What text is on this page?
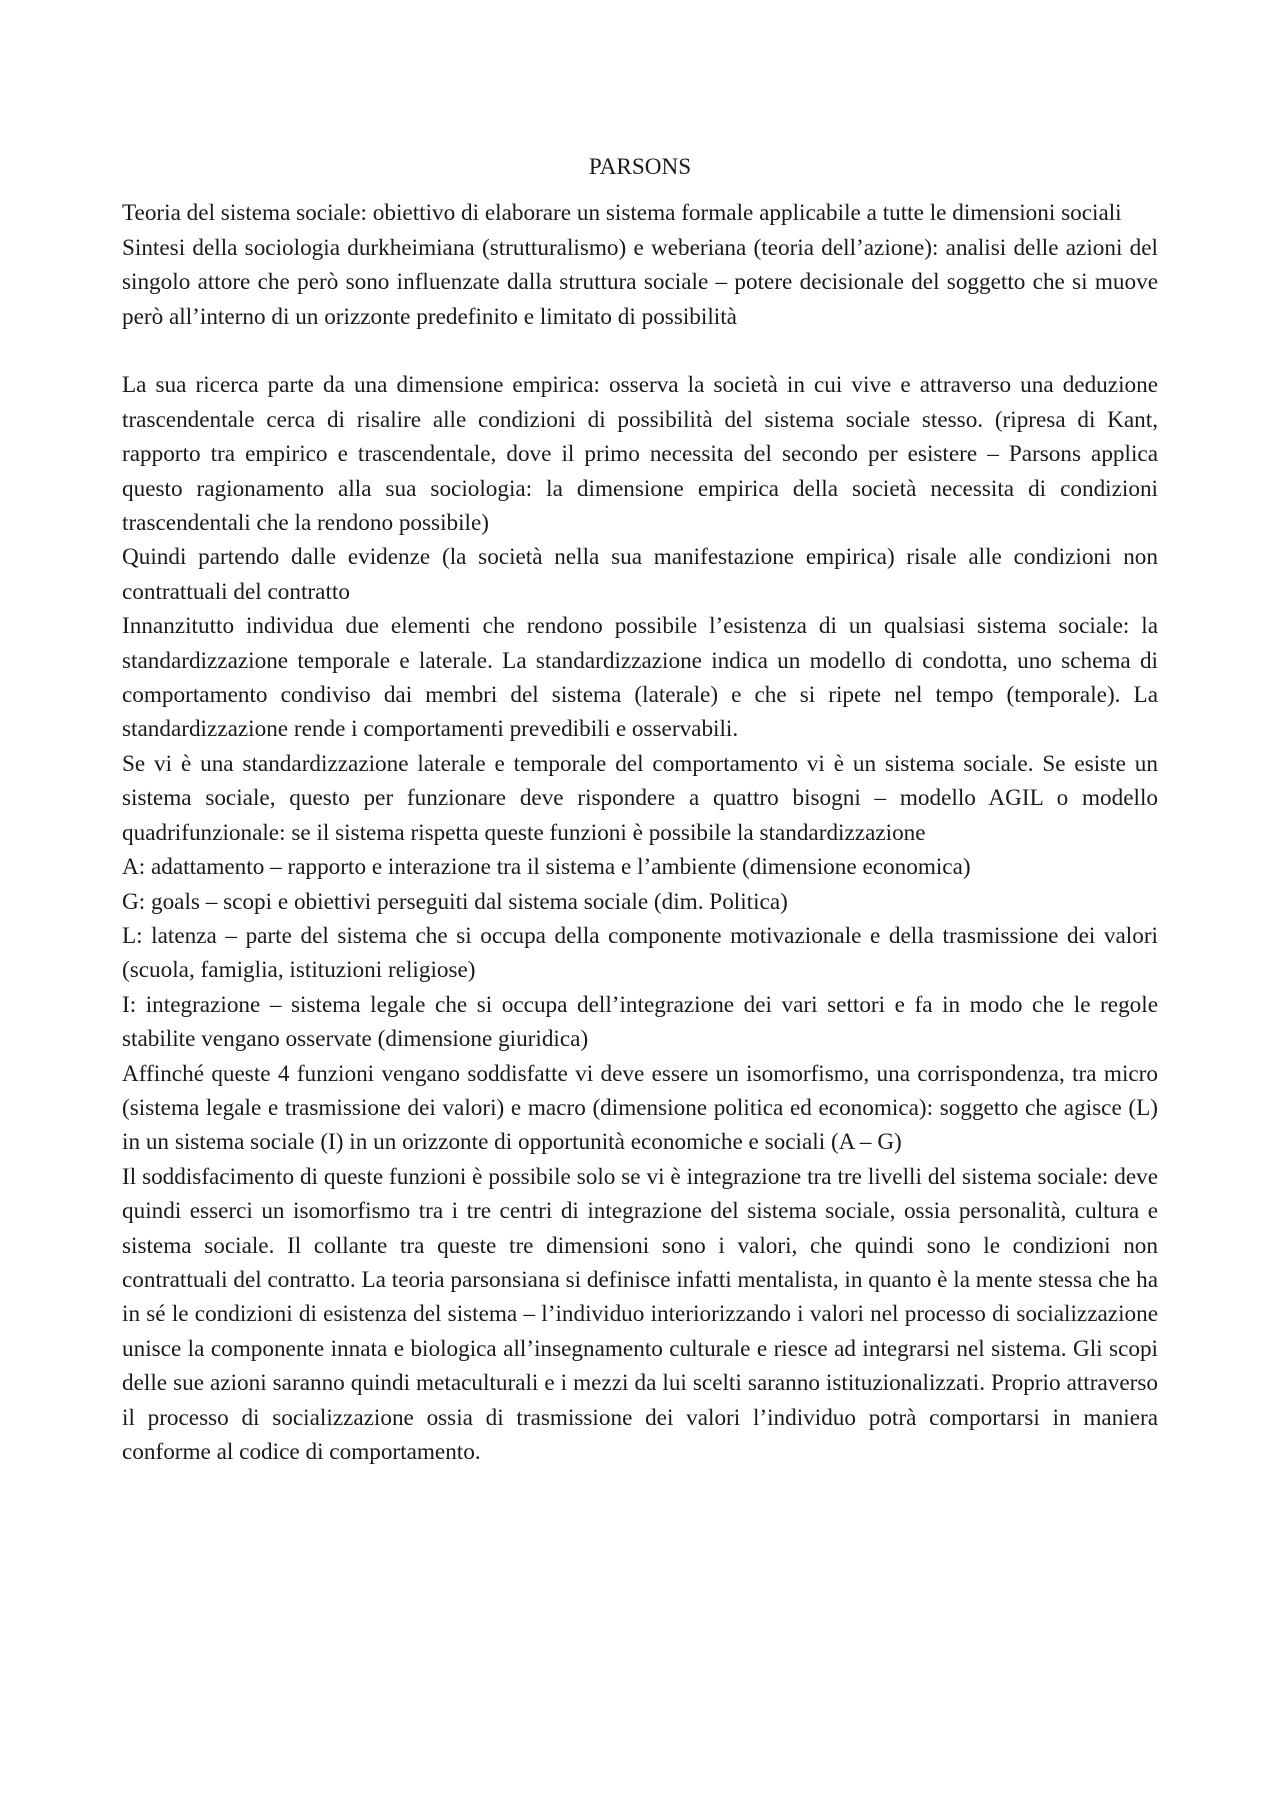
PARSONS

Teoria del sistema sociale: obiettivo di elaborare un sistema formale applicabile a tutte le dimensioni sociali

Sintesi della sociologia durkheimiana (strutturalismo) e weberiana (teoria dell’azione): analisi delle azioni del singolo attore che però sono influenzate dalla struttura sociale – potere decisionale del soggetto che si muove però all’interno di un orizzonte predefinito e limitato di possibilità

La sua ricerca parte da una dimensione empirica: osserva la società in cui vive e attraverso una deduzione trascendentale cerca di risalire alle condizioni di possibilità del sistema sociale stesso. (ripresa di Kant, rapporto tra empirico e trascendentale, dove il primo necessita del secondo per esistere – Parsons applica questo ragionamento alla sua sociologia: la dimensione empirica della società necessita di condizioni trascendentali che la rendono possibile)

Quindi partendo dalle evidenze (la società nella sua manifestazione empirica) risale alle condizioni non contrattuali del contratto

Innanzitutto individua due elementi che rendono possibile l’esistenza di un qualsiasi sistema sociale: la standardizzazione temporale e laterale. La standardizzazione indica un modello di condotta, uno schema di comportamento condiviso dai membri del sistema (laterale) e che si ripete nel tempo (temporale). La standardizzazione rende i comportamenti prevedibili e osservabili.

Se vi è una standardizzazione laterale e temporale del comportamento vi è un sistema sociale. Se esiste un sistema sociale, questo per funzionare deve rispondere a quattro bisogni – modello AGIL o modello quadrifunzionale: se il sistema rispetta queste funzioni è possibile la standardizzazione

A: adattamento – rapporto e interazione tra il sistema e l’ambiente (dimensione economica)

G: goals – scopi e obiettivi perseguiti dal sistema sociale (dim. Politica)

L: latenza – parte del sistema che si occupa della componente motivazionale e della trasmissione dei valori (scuola, famiglia, istituzioni religiose)

I: integrazione – sistema legale che si occupa dell’integrazione dei vari settori e fa in modo che le regole stabilite vengano osservate (dimensione giuridica)

Affinché queste 4 funzioni vengano soddisfatte vi deve essere un isomorfismo, una corrispondenza, tra micro (sistema legale e trasmissione dei valori) e macro (dimensione politica ed economica): soggetto che agisce (L) in un sistema sociale (I) in un orizzonte di opportunità economiche e sociali (A – G)

Il soddisfacimento di queste funzioni è possibile solo se vi è integrazione tra tre livelli del sistema sociale: deve quindi esserci un isomorfismo tra i tre centri di integrazione del sistema sociale, ossia personalità, cultura e sistema sociale. Il collante tra queste tre dimensioni sono i valori, che quindi sono le condizioni non contrattuali del contratto. La teoria parsonsiana si definisce infatti mentalista, in quanto è la mente stessa che ha in sé le condizioni di esistenza del sistema – l’individuo interiorizzando i valori nel processo di socializzazione unisce la componente innata e biologica all’insegnamento culturale e riesce ad integrarsi nel sistema. Gli scopi delle sue azioni saranno quindi metaculturali e i mezzi da lui scelti saranno istituzionalizzati. Proprio attraverso il processo di socializzazione ossia di trasmissione dei valori l’individuo potrà comportarsi in maniera conforme al codice di comportamento.
